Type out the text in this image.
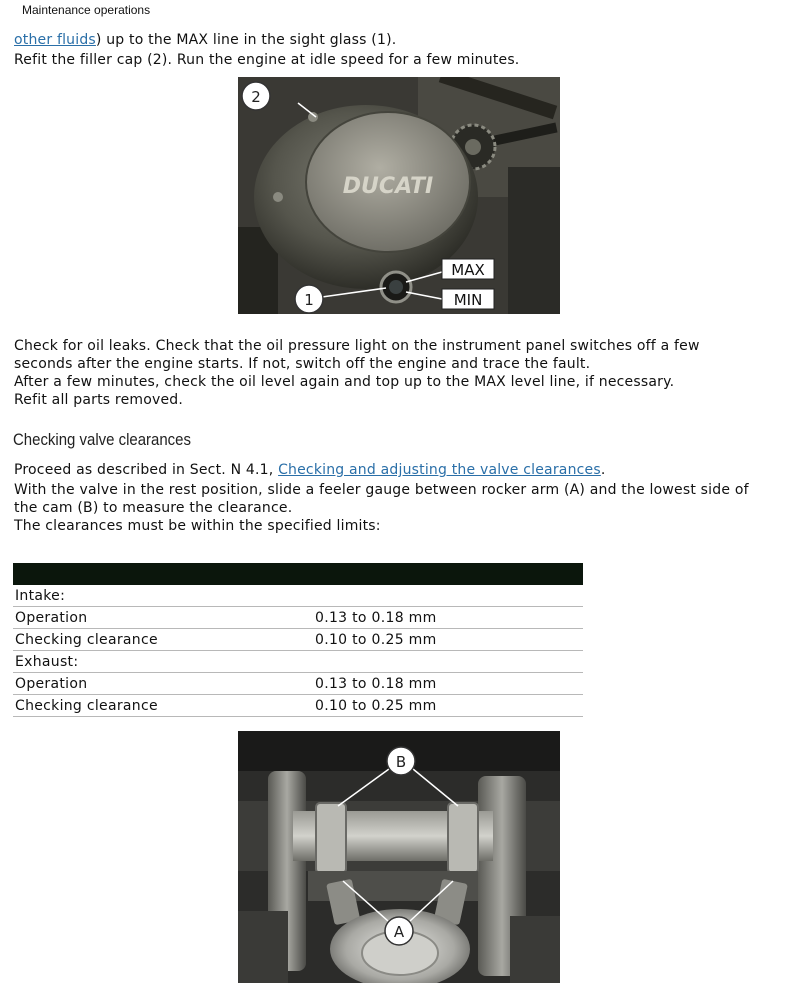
Maintenance operations
other fluids) up to the MAX line in the sight glass (1).
Refit the filler cap (2). Run the engine at idle speed for a few minutes.
DUCATI
2
1
MAX
MIN
Check for oil leaks. Check that the oil pressure light on the instrument panel switches off a few
seconds after the engine starts. If not, switch off the engine and trace the fault.
After a few minutes, check the oil level again and top up to the MAX level line, if necessary.
Refit all parts removed.
Checking valve clearances
Proceed as described in Sect. N 4.1, Checking and adjusting the valve clearances.
With the valve in the rest position, slide a feeler gauge between rocker arm (A) and the lowest side of
the cam (B) to measure the clearance.
The clearances must be within the specified limits:

Intake:	
Operation	0.13 to 0.18 mm
Checking clearance	0.10 to 0.25 mm
Exhaust:	
Operation	0.13 to 0.18 mm
Checking clearance	0.10 to 0.25 mm
B
A
